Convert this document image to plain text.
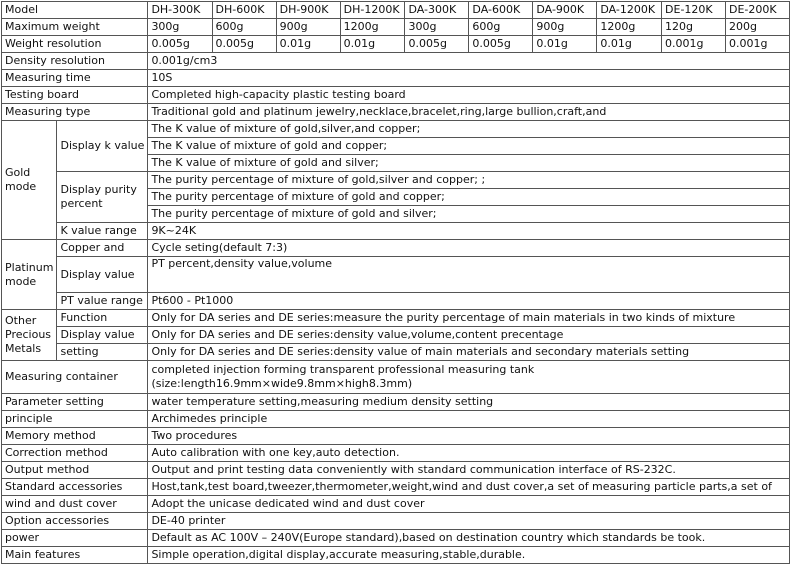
Model		DH-300K	DH-600K	DH-900K	DH-1200K	DA-300K	DA-600K	DA-900K	DA-1200K	DE-120K	DE-200K
Maximum weight		300g	600g	900g	1200g	300g	600g	900g	1200g	120g	200g
Weight resolution		0.005g	0.005g	0.01g	0.01g	0.005g	0.005g	0.01g	0.01g	0.001g	0.001g
Density resolution		0.001g/cm3									
Measuring time		10S									
Testing board		Completed high-capacity plastic testing board									
Measuring type		Traditional gold and platinum jewelry,necklace,bracelet,ring,large bullion,craft,and									
Gold mode	Display k value	The K value of mixture of gold,silver,and copper;									
		The K value of mixture of gold and copper;									
		The K value of mixture of gold and silver;									
	Display purity percent	The purity percentage of mixture of gold,silver and copper; ;									
		The purity percentage of mixture of gold and copper;									
		The purity percentage of mixture of gold and silver;									
	K value range	9K~24K									
Platinum mode	Copper and	Cycle seting(default 7:3)									
	Display value	PT percent,density value,volume									
	PT value range	Pt600 - Pt1000									
Other Precious Metals	Function	Only for DA series and DE series:measure the purity percentage of main materials in two kinds of mixture									
	Display value	Only for DA series and DE series:density value,volume,content precentage									
	setting	Only for DA series and DE series:density value of main materials and secondary materials setting									
Measuring container		completed injection forming transparent professional measuring tank (size:length16.9mm×wide9.8mm×high8.3mm)									
Parameter setting		water temperature setting,measuring medium density setting									
principle		Archimedes principle									
Memory method		Two procedures									
Correction method		Auto calibration with one key,auto detection.									
Output method		Output and print testing data conveniently with standard communication interface of RS-232C.									
Standard accessories		Host,tank,test board,tweezer,thermometer,weight,wind and dust cover,a set of measuring particle parts,a set of									
wind and dust cover		Adopt the unicase dedicated wind and dust cover									
Option accessories		DE-40 printer									
power		Default as AC 100V – 240V(Europe standard),based on destination country which standards be took.									
Main features		Simple operation,digital display,accurate measuring,stable,durable.									
